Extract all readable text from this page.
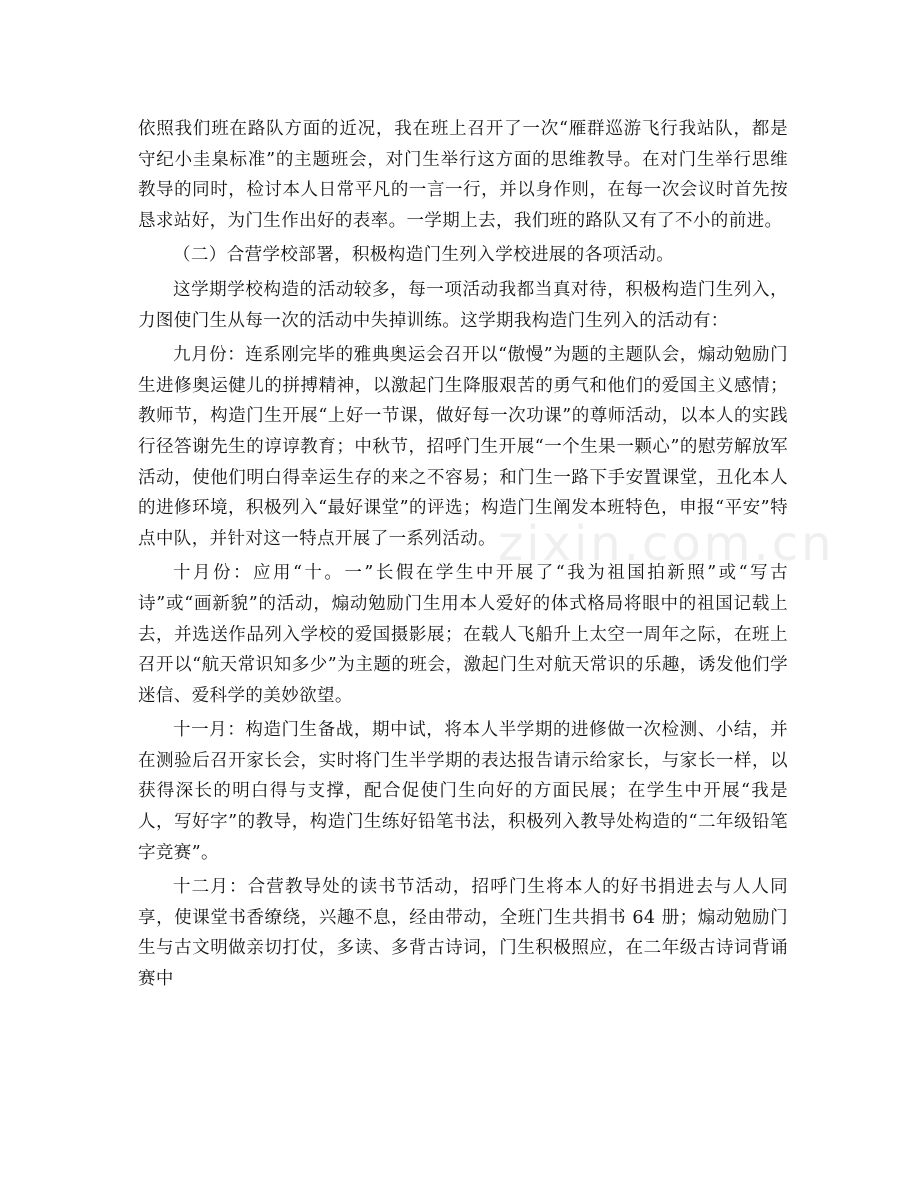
依照我们班在路队方面的近况，我在班上召开了一次“雁群巡游飞行我站队，都是守纪小圭臬标准”的主题班会，对门生举行这方面的思维教导。在对门生举行思维教导的同时，检讨本人日常平凡的一言一行，并以身作则，在每一次会议时首先按恳求站好，为门生作出好的表率。一学期上去，我们班的路队又有了不小的前进。

（二）合营学校部署，积极构造门生列入学校进展的各项活动。

这学期学校构造的活动较多，每一项活动我都当真对待，积极构造门生列入，力图使门生从每一次的活动中失掉训练。这学期我构造门生列入的活动有：

九月份：连系刚完毕的雅典奥运会召开以“傲慢”为题的主题队会，煽动勉励门生进修奥运健儿的拼搏精神，以激起门生降服艰苦的勇气和他们的爱国主义感情；教师节，构造门生开展“上好一节课，做好每一次功课”的尊师活动，以本人的实践行径答谢先生的谆谆教育；中秋节，招呼门生开展“一个生果一颗心”的慰劳解放军活动，使他们明白得幸运生存的来之不容易；和门生一路下手安置课堂，丑化本人的进修环境，积极列入“最好课堂”的评选；构造门生阐发本班特色，申报“平安”特点中队，并针对这一特点开展了一系列活动。

十月份：应用“十。一”长假在学生中开展了“我为祖国拍新照”或“写古诗”或“画新貌”的活动，煽动勉励门生用本人爱好的体式格局将眼中的祖国记载上去，并选送作品列入学校的爱国摄影展；在载人飞船升上太空一周年之际，在班上召开以“航天常识知多少”为主题的班会，激起门生对航天常识的乐趣，诱发他们学迷信、爱科学的美妙欲望。

十一月：构造门生备战，期中试，将本人半学期的进修做一次检测、小结，并在测验后召开家长会，实时将门生半学期的表达报告请示给家长，与家长一样，以获得深长的明白得与支撑，配合促使门生向好的方面民展；在学生中开展“我是人，写好字”的教导，构造门生练好铅笔书法，积极列入教导处构造的“二年级铅笔字竞赛”。

十二月：合营教导处的读书节活动，招呼门生将本人的好书捐进去与人人同享，使课堂书香缭绕，兴趣不息，经由带动，全班门生共捐书 64 册；煽动勉励门生与古文明做亲切打仗，多读、多背古诗词，门生积极照应，在二年级古诗词背诵赛中

zixin.com.cn
